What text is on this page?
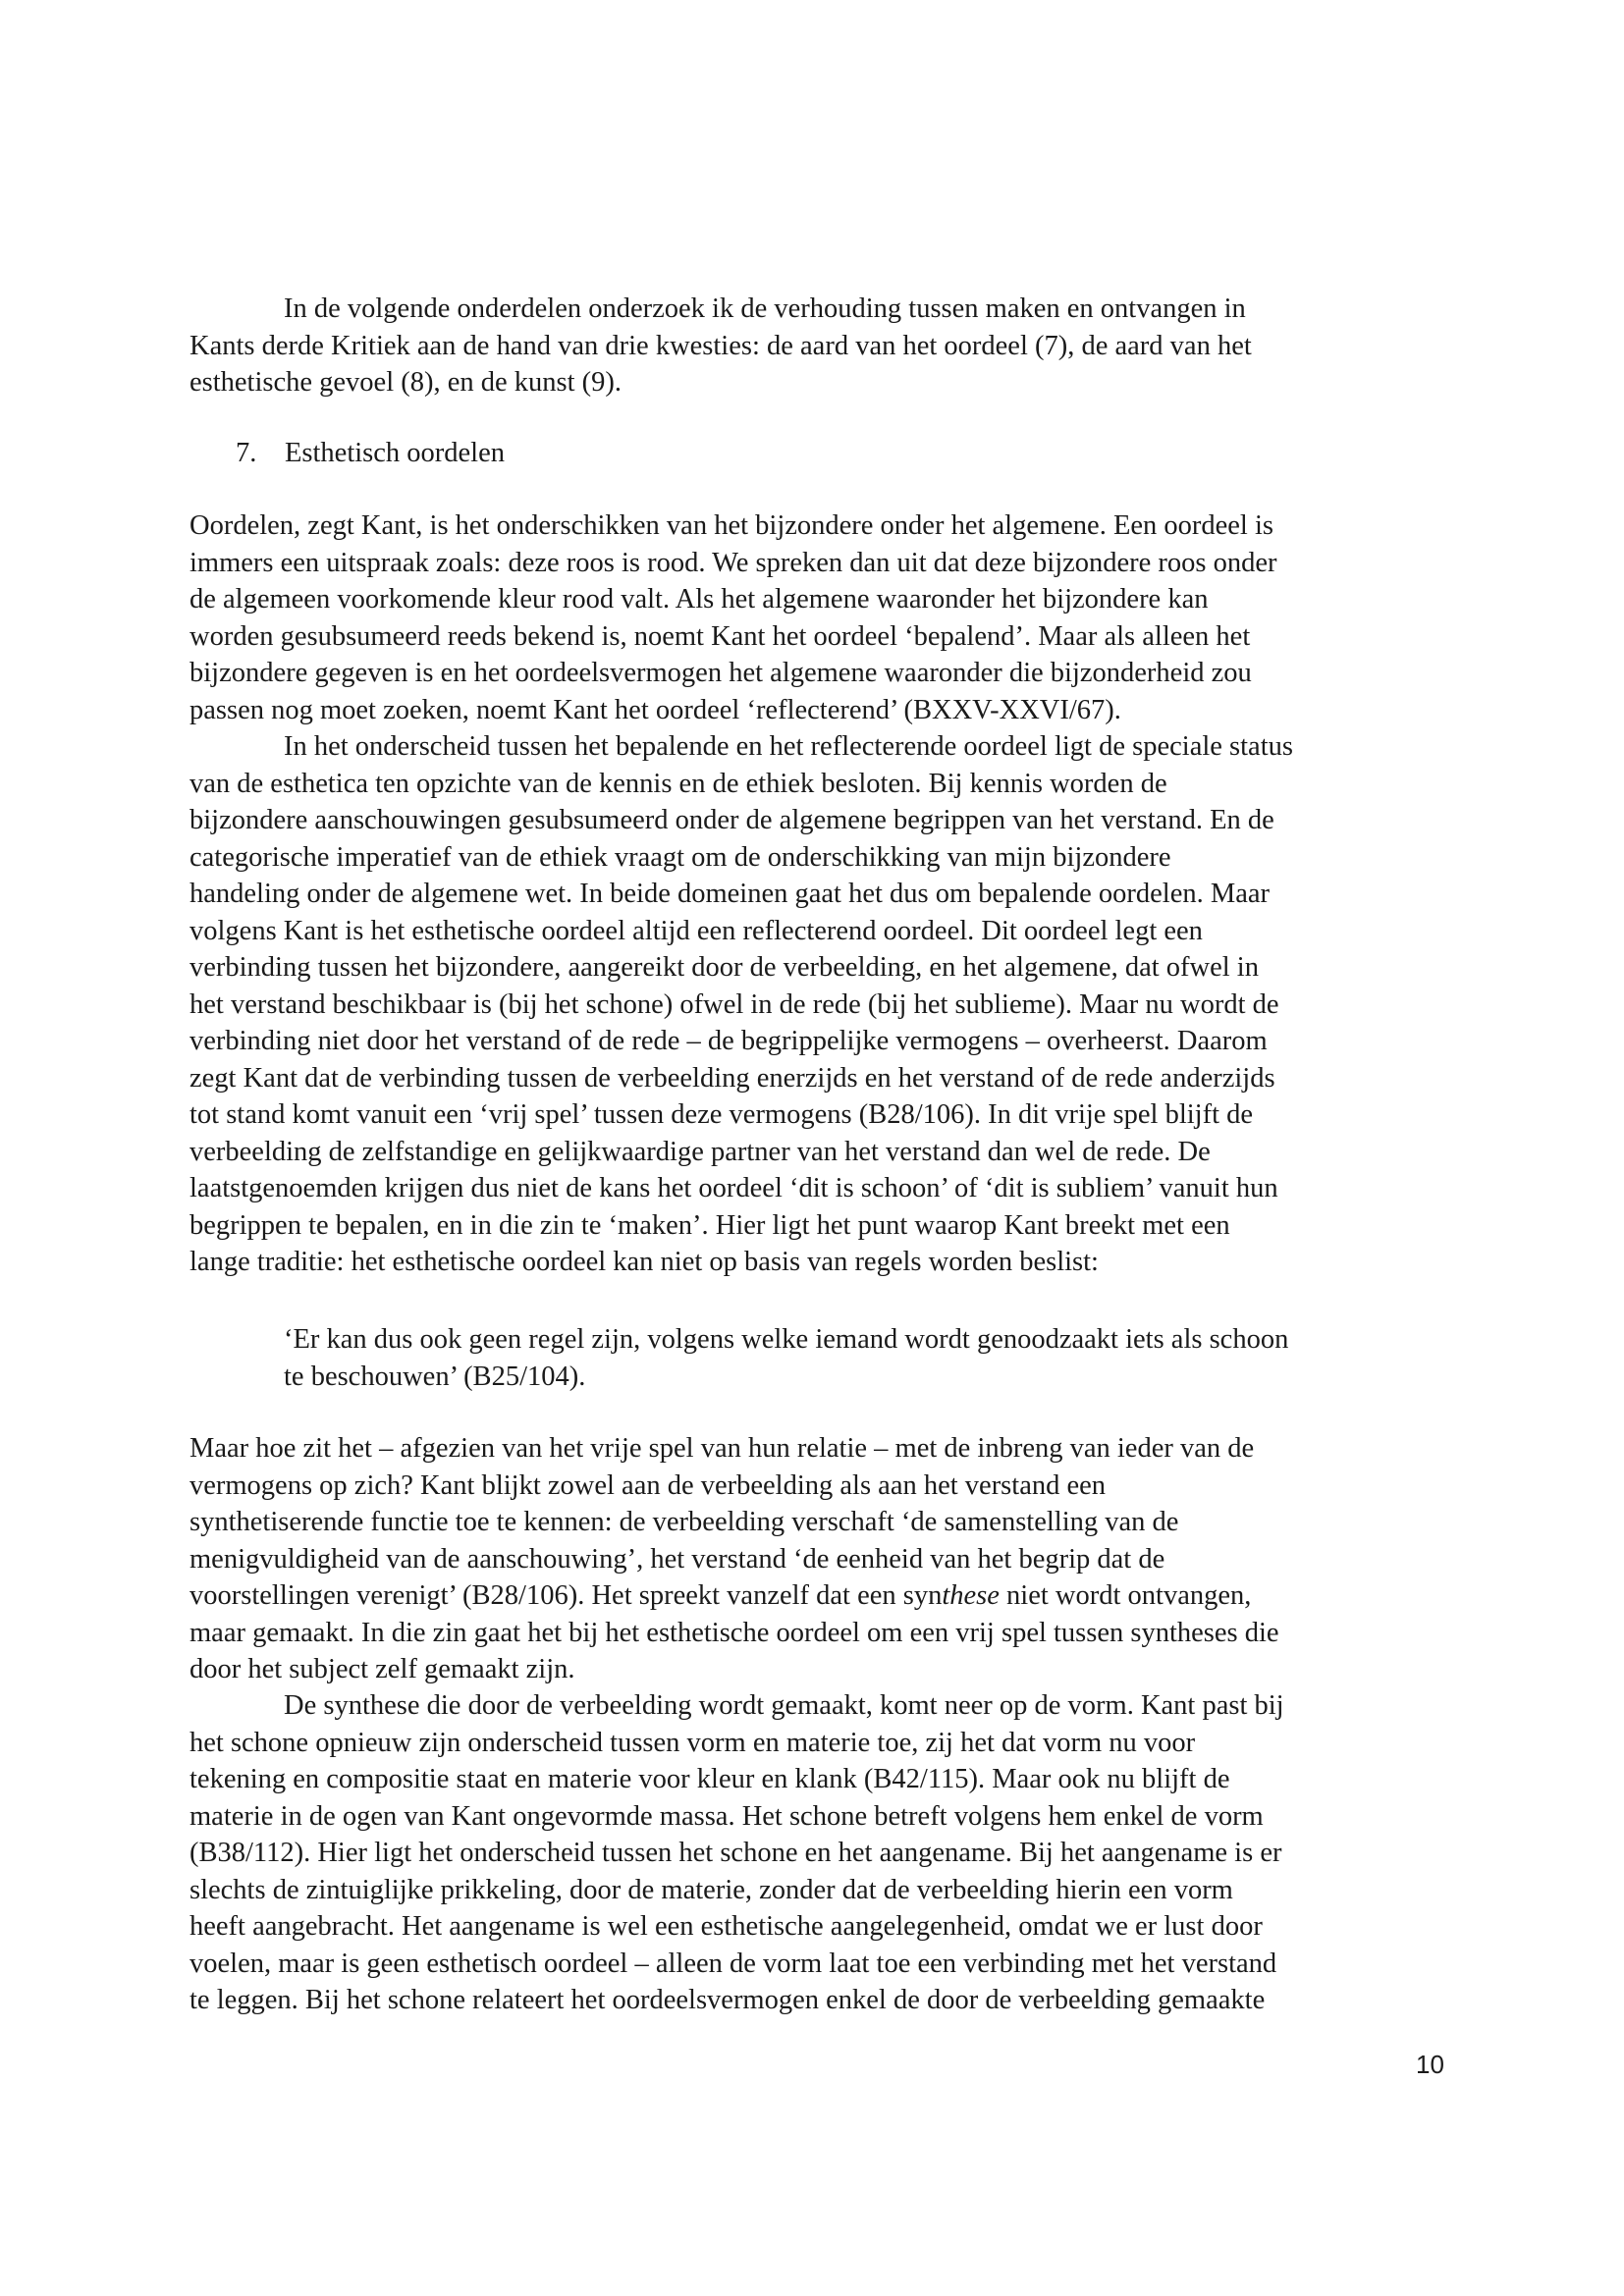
In de volgende onderdelen onderzoek ik de verhouding tussen maken en ontvangen in
Kants derde Kritiek aan de hand van drie kwesties: de aard van het oordeel (7), de aard van het
esthetische gevoel (8), en de kunst (9).
7. Esthetisch oordelen
Oordelen, zegt Kant, is het onderschikken van het bijzondere onder het algemene. Een oordeel is
immers een uitspraak zoals: deze roos is rood. We spreken dan uit dat deze bijzondere roos onder
de algemeen voorkomende kleur rood valt. Als het algemene waaronder het bijzondere kan
worden gesubsumeerd reeds bekend is, noemt Kant het oordeel ‘bepalend’. Maar als alleen het
bijzondere gegeven is en het oordeelsvermogen het algemene waaronder die bijzonderheid zou
passen nog moet zoeken, noemt Kant het oordeel ‘reflecterend’ (BXXV-XXVI/67).
In het onderscheid tussen het bepalende en het reflecterende oordeel ligt de speciale status
van de esthetica ten opzichte van de kennis en de ethiek besloten. Bij kennis worden de
bijzondere aanschouwingen gesubsumeerd onder de algemene begrippen van het verstand. En de
categorische imperatief van de ethiek vraagt om de onderschikking van mijn bijzondere
handeling onder de algemene wet. In beide domeinen gaat het dus om bepalende oordelen. Maar
volgens Kant is het esthetische oordeel altijd een reflecterend oordeel. Dit oordeel legt een
verbinding tussen het bijzondere, aangereikt door de verbeelding, en het algemene, dat ofwel in
het verstand beschikbaar is (bij het schone) ofwel in de rede (bij het sublieme). Maar nu wordt de
verbinding niet door het verstand of de rede – de begrippelijke vermogens – overheerst. Daarom
zegt Kant dat de verbinding tussen de verbeelding enerzijds en het verstand of de rede anderzijds
tot stand komt vanuit een ‘vrij spel’ tussen deze vermogens (B28/106). In dit vrije spel blijft de
verbeelding de zelfstandige en gelijkwaardige partner van het verstand dan wel de rede. De
laatstgenoemden krijgen dus niet de kans het oordeel ‘dit is schoon’ of ‘dit is subliem’ vanuit hun
begrippen te bepalen, en in die zin te ‘maken’. Hier ligt het punt waarop Kant breekt met een
lange traditie: het esthetische oordeel kan niet op basis van regels worden beslist:
‘Er kan dus ook geen regel zijn, volgens welke iemand wordt genoodzaakt iets als schoon
te beschouwen’ (B25/104).
Maar hoe zit het – afgezien van het vrije spel van hun relatie – met de inbreng van ieder van de
vermogens op zich? Kant blijkt zowel aan de verbeelding als aan het verstand een
synthetiserende functie toe te kennen: de verbeelding verschaft ‘de samenstelling van de
menigvuldigheid van de aanschouwing’, het verstand ‘de eenheid van het begrip dat de
voorstellingen verenigt’ (B28/106). Het spreekt vanzelf dat een synthese niet wordt ontvangen,
maar gemaakt. In die zin gaat het bij het esthetische oordeel om een vrij spel tussen syntheses die
door het subject zelf gemaakt zijn.
De synthese die door de verbeelding wordt gemaakt, komt neer op de vorm. Kant past bij
het schone opnieuw zijn onderscheid tussen vorm en materie toe, zij het dat vorm nu voor
tekening en compositie staat en materie voor kleur en klank (B42/115). Maar ook nu blijft de
materie in de ogen van Kant ongevormde massa. Het schone betreft volgens hem enkel de vorm
(B38/112). Hier ligt het onderscheid tussen het schone en het aangename. Bij het aangename is er
slechts de zintuiglijke prikkeling, door de materie, zonder dat de verbeelding hierin een vorm
heeft aangebracht. Het aangename is wel een esthetische aangelegenheid, omdat we er lust door
voelen, maar is geen esthetisch oordeel – alleen de vorm laat toe een verbinding met het verstand
te leggen. Bij het schone relateert het oordeelsvermogen enkel de door de verbeelding gemaakte
10
